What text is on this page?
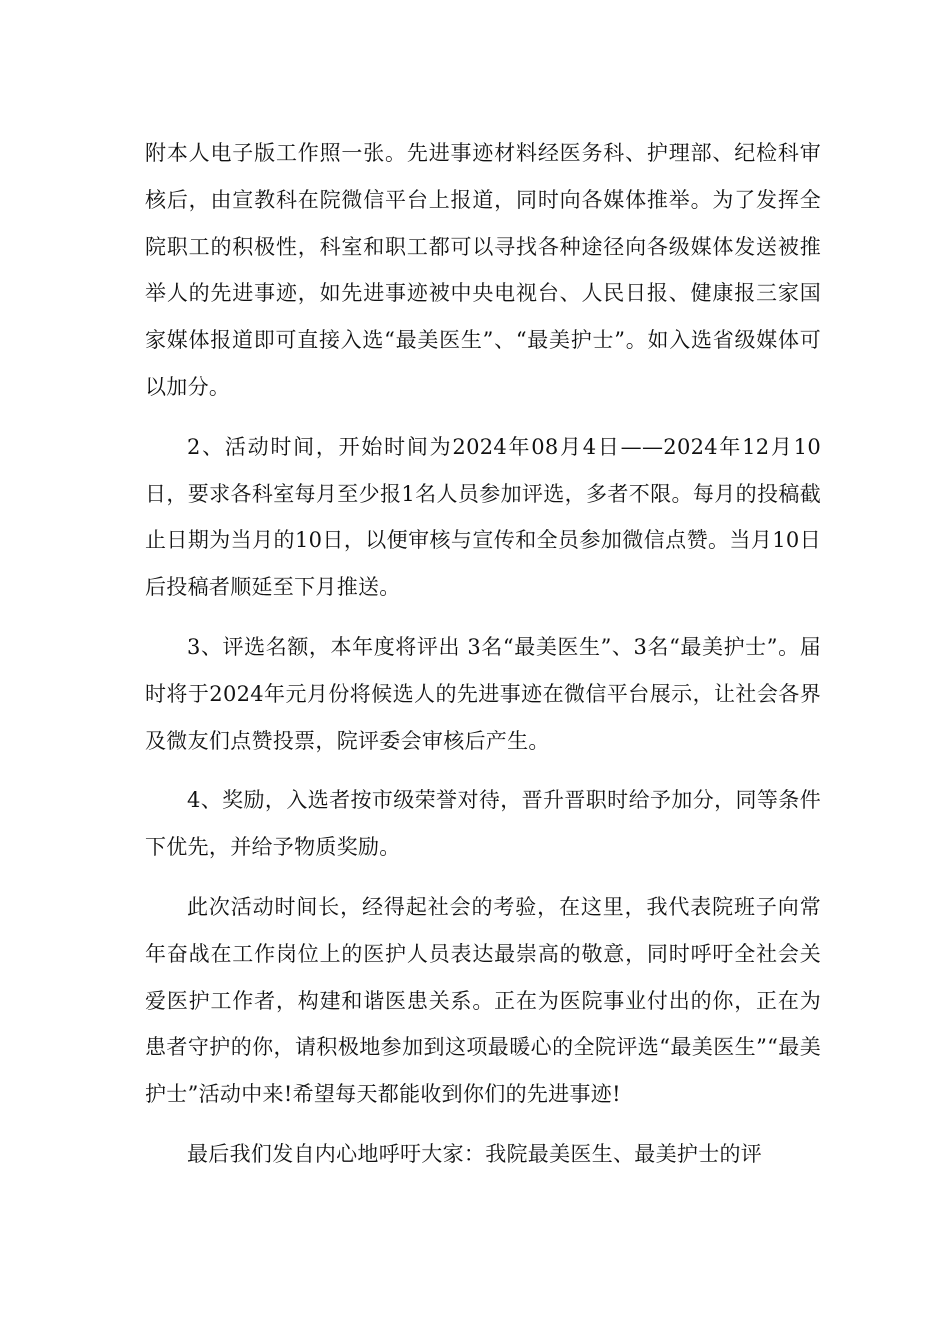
附本人电子版工作照一张。先进事迹材料经医务科、护理部、纪检科审核后，由宣教科在院微信平台上报道，同时向各媒体推举。为了发挥全院职工的积极性，科室和职工都可以寻找各种途径向各级媒体发送被推举人的先进事迹，如先进事迹被中央电视台、人民日报、健康报三家国家媒体报道即可直接入选“最美医生”、“最美护士”。如入选省级媒体可以加分。

2、活动时间，开始时间为2024年08月4日——2024年12月10日，要求各科室每月至少报1名人员参加评选，多者不限。每月的投稿截止日期为当月的10日，以便审核与宣传和全员参加微信点赞。当月10日后投稿者顺延至下月推送。

3、评选名额，本年度将评出 3名“最美医生”、3名“最美护士”。届时将于2024年元月份将候选人的先进事迹在微信平台展示，让社会各界及微友们点赞投票，院评委会审核后产生。

4、奖励，入选者按市级荣誉对待，晋升晋职时给予加分，同等条件下优先，并给予物质奖励。

此次活动时间长，经得起社会的考验，在这里，我代表院班子向常年奋战在工作岗位上的医护人员表达最崇高的敬意，同时呼吁全社会关爱医护工作者，构建和谐医患关系。正在为医院事业付出的你，正在为患者守护的你，请积极地参加到这项最暖心的全院评选“最美医生”“最美护士”活动中来!希望每天都能收到你们的先进事迹!

最后我们发自内心地呼吁大家：我院最美医生、最美护士的评
